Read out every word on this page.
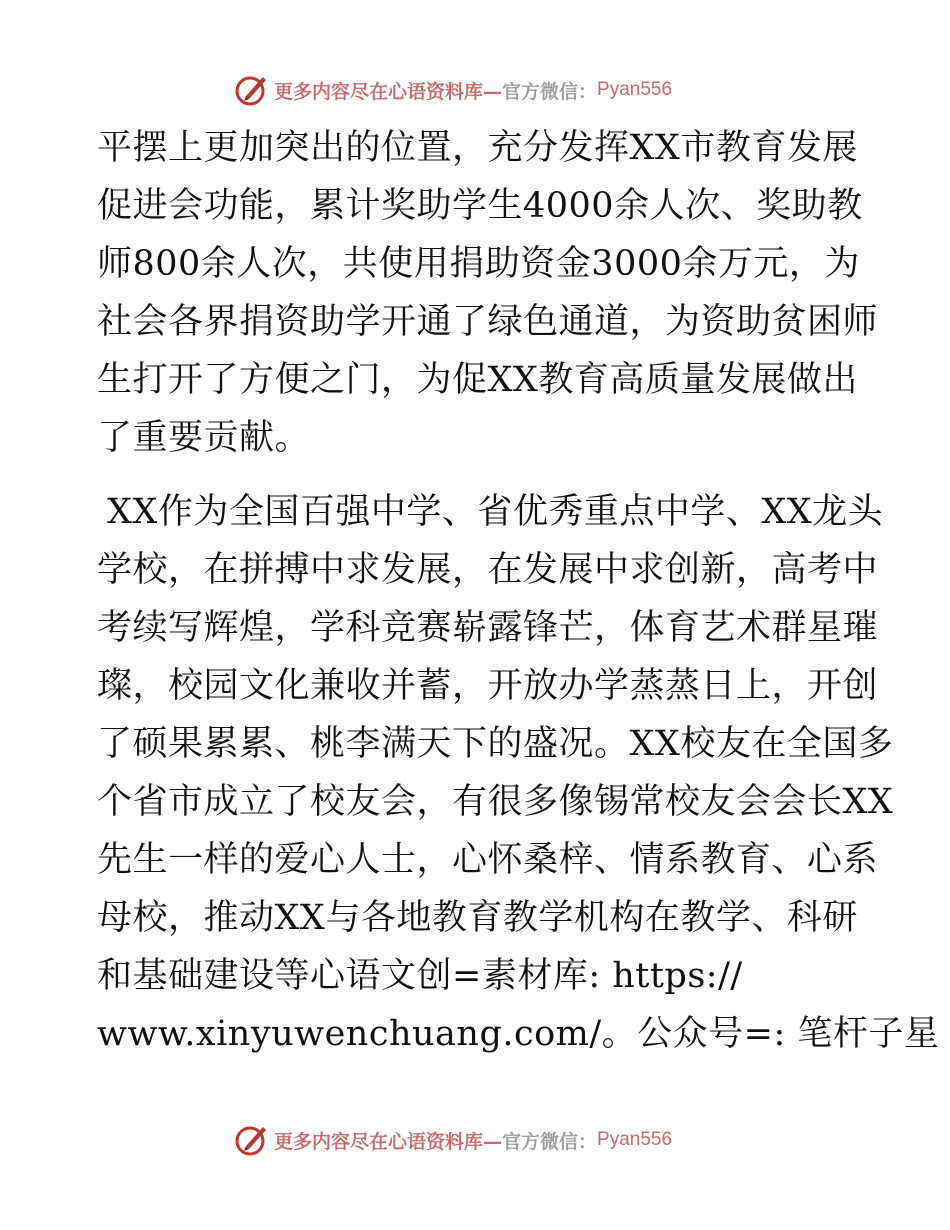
更多内容尽在心语资料库— 官方微信： Pyan556
平摆上更加突出的位置，充分发挥XX市教育发展
促进会功能，累计奖助学生4000余人次、奖助教
师800余人次，共使用捐助资金3000余万元，为
社会各界捐资助学开通了绿色通道，为资助贫困师
生打开了方便之门，为促XX教育高质量发展做出
了重要贡献。
XX作为全国百强中学、省优秀重点中学、XX龙头
学校，在拼搏中求发展，在发展中求创新，高考中
考续写辉煌，学科竞赛崭露锋芒，体育艺术群星璀
璨，校园文化兼收并蓄，开放办学蒸蒸日上，开创
了硕果累累、桃李满天下的盛况。XX校友在全国多
个省市成立了校友会，有很多像锡常校友会会长XX
先生一样的爱心人士，心怀桑梓、情系教育、心系
母校，推动XX与各地教育教学机构在教学、科研
和基础建设等心语文创=素材库: https://
www.xinyuwenchuang.com/。公众号=: 笔杆子星
更多内容尽在心语资料库— 官方微信： Pyan556
